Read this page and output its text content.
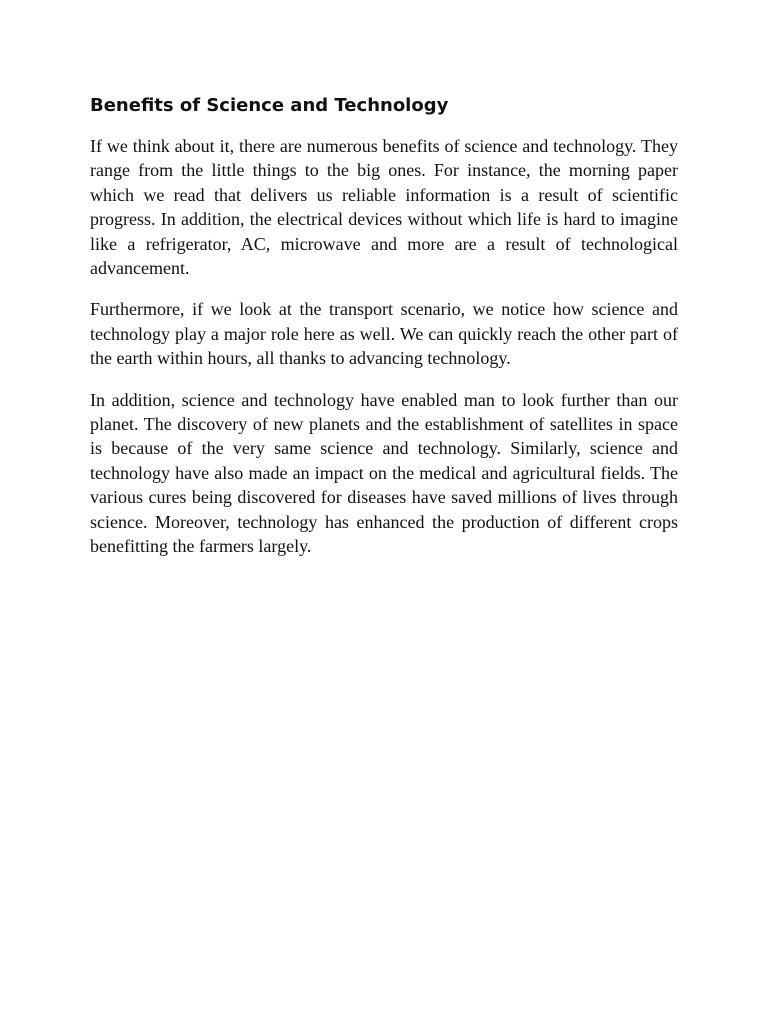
Benefits of Science and Technology

If we think about it, there are numerous benefits of science and technology. They range from the little things to the big ones. For instance, the morning paper which we read that delivers us reliable information is a result of scientific progress. In addition, the electrical devices without which life is hard to imagine like a refrigerator, AC, microwave and more are a result of technological advancement.

Furthermore, if we look at the transport scenario, we notice how science and technology play a major role here as well. We can quickly reach the other part of the earth within hours, all thanks to advancing technology.

In addition, science and technology have enabled man to look further than our planet. The discovery of new planets and the establishment of satellites in space is because of the very same science and technology. Similarly, science and technology have also made an impact on the medical and agricultural fields. The various cures being discovered for diseases have saved millions of lives through science. Moreover, technology has enhanced the production of different crops benefitting the farmers largely.
